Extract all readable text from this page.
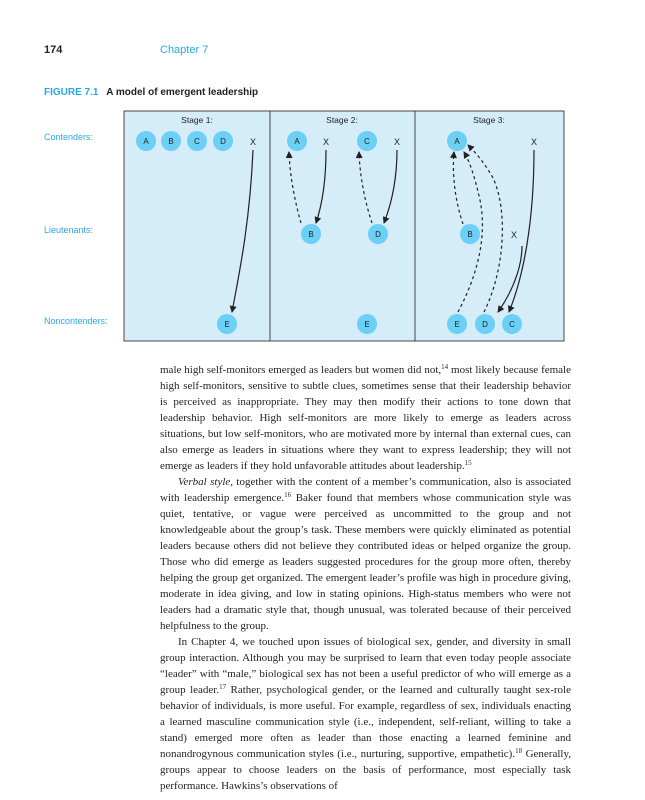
174	Chapter 7
FIGURE 7.1 A model of emergent leadership
Contenders:
Lieutenants:
Noncontenders:
Stage 1:	Stage 2:	Stage 3:
A B	C	D	X
E
A	X	C	X
B	D
E
A	X
B	X
E	D	C

male high self-monitors emerged as leaders but women did not,$^{14}$ most likely because female high self-monitors, sensitive to subtle clues, sometimes sense that their leadership behavior is perceived as inappropriate. They may then modify their actions to tone down that leadership behavior. High self-monitors are more likely to emerge as leaders across situations, but low self-monitors, who are motivated more by internal than external cues, can also emerge as leaders in situations where they want to express leadership; they will not emerge as leaders if they hold unfavorable attitudes about leadership.$^{15}$

Verbal style, together with the content of a member’s communication, also is associated with leadership emergence.$^{16}$ Baker found that members whose communication style was quiet, tentative, or vague were perceived as uncommitted to the group and not knowledgeable about the group’s task. These members were quickly eliminated as potential leaders because others did not believe they contributed ideas or helped organize the group. Those who did emerge as leaders suggested procedures for the group more often, thereby helping the group get organized. The emergent leader’s profile was high in procedure giving, moderate in idea giving, and low in stating opinions. High-status members who were not leaders had a dramatic style that, though unusual, was tolerated because of their perceived helpfulness to the group.

In Chapter 4, we touched upon issues of biological sex, gender, and diversity in small group interaction. Although you may be surprised to learn that even today people associate “leader” with “male,” biological sex has not been a useful predictor of who will emerge as a group leader.$^{17}$ Rather, psychological gender, or the learned and culturally taught sex-role behavior of individuals, is more useful. For example, regardless of sex, individuals enacting a learned masculine communication style (i.e., independent, self-reliant, willing to take a stand) emerged more often as leader than those enacting a learned feminine and nonandrogynous communication styles (i.e., nurturing, supportive, empathetic).$^{18}$ Generally, groups appear to choose leaders on the basis of performance, most especially task performance. Hawkins’s observations of
